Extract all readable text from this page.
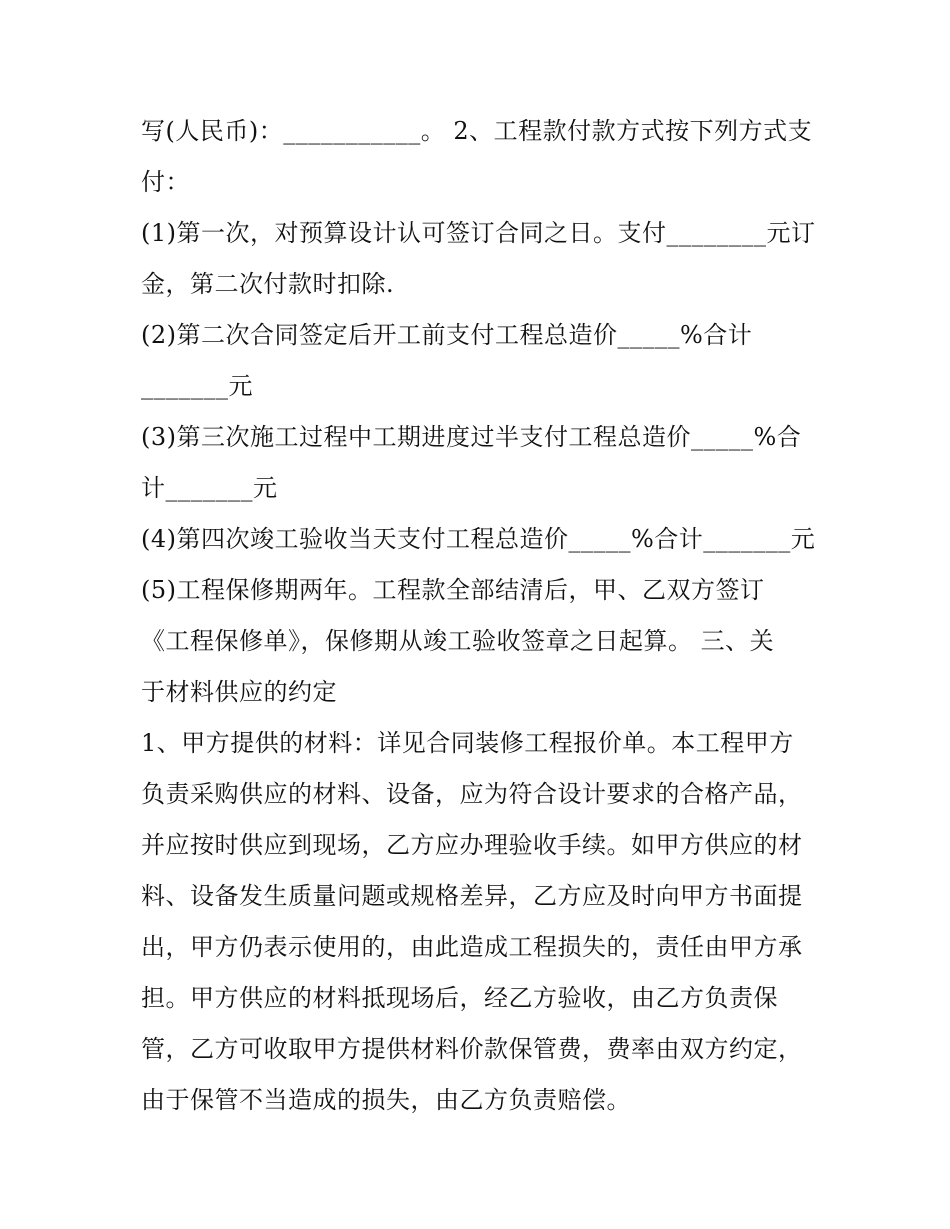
写(人民币)：___________。 2、工程款付款方式按下列方式支
付：
(1)第一次，对预算设计认可签订合同之日。支付________元订
金，第二次付款时扣除.
(2)第二次合同签定后开工前支付工程总造价_____%合计
_______元
(3)第三次施工过程中工期进度过半支付工程总造价_____%合
计_______元
(4)第四次竣工验收当天支付工程总造价_____%合计_______元
(5)工程保修期两年。工程款全部结清后，甲、乙双方签订
《工程保修单》，保修期从竣工验收签章之日起算。 三、关
于材料供应的约定
1、甲方提供的材料：详见合同装修工程报价单。本工程甲方
负责采购供应的材料、设备，应为符合设计要求的合格产品，
并应按时供应到现场，乙方应办理验收手续。如甲方供应的材
料、设备发生质量问题或规格差异，乙方应及时向甲方书面提
出，甲方仍表示使用的，由此造成工程损失的，责任由甲方承
担。甲方供应的材料抵现场后，经乙方验收，由乙方负责保
管，乙方可收取甲方提供材料价款保管费，费率由双方约定，
由于保管不当造成的损失，由乙方负责赔偿。
